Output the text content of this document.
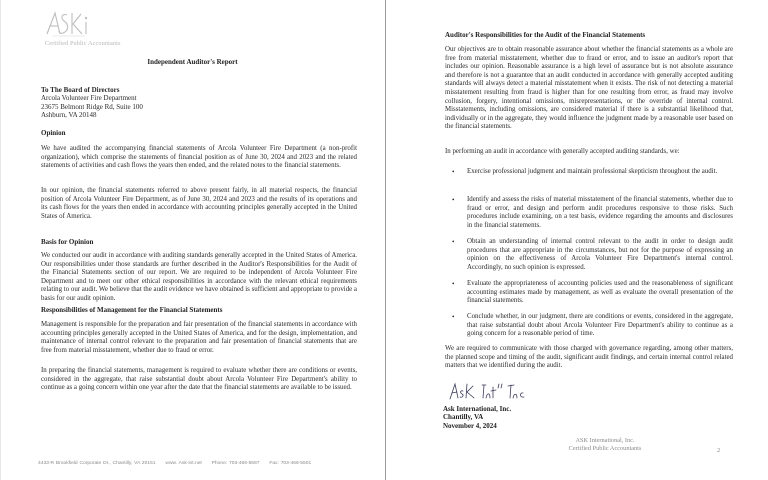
Certified Public Accountants
Independent Auditor's Report
To The Board of Directors
Arcola Volunteer Fire Department
23675 Belmont Ridge Rd, Suite 100
Ashburn, VA 20148
Opinion
We have audited the accompanying financial statements of Arcola Volunteer Fire Department (a non-profit organization), which comprise the statements of financial position as of June 30, 2024 and 2023 and the related statements of activities and cash flows the years then ended, and the related notes to the financial statements.
In our opinion, the financial statements referred to above present fairly, in all material respects, the financial position of Arcola Volunteer Fire Department, as of June 30, 2024 and 2023 and the results of its operations and its cash flows for the years then ended in accordance with accounting principles generally accepted in the United States of America.
Basis for Opinion
We conducted our audit in accordance with auditing standards generally accepted in the United States of America. Our responsibilities under those standards are further described in the Auditor's Responsibilities for the Audit of the Financial Statements section of our report. We are required to be independent of Arcola Volunteer Fire Department and to meet our other ethical responsibilities in accordance with the relevant ethical requirements relating to our audit. We believe that the audit evidence we have obtained is sufficient and appropriate to provide a basis for our audit opinion.
Responsibilities of Management for the Financial Statements
Management is responsible for the preparation and fair presentation of the financial statements in accordance with accounting principles generally accepted in the United States of America, and for the design, implementation, and maintenance of internal control relevant to the preparation and fair presentation of financial statements that are free from material misstatement, whether due to fraud or error.
In preparing the financial statements, management is required to evaluate whether there are conditions or events, considered in the aggregate, that raise substantial doubt about Arcola Volunteer Fire Department's ability to continue as a going concern within one year after the date that the financial statements are available to be issued.
4433-R Brookfield Corporate Dr., Chantilly, VA 20151 www. Ask-int.net Phone: 703-466-5597 Fax: 703-466-5501
Auditor's Responsibilities for the Audit of the Financial Statements
Our objectives are to obtain reasonable assurance about whether the financial statements as a whole are free from material misstatement, whether due to fraud or error, and to issue an auditor's report that includes our opinion. Reasonable assurance is a high level of assurance but is not absolute assurance and therefore is not a guarantee that an audit conducted in accordance with generally accepted auditing standards will always detect a material misstatement when it exists. The risk of not detecting a material misstatement resulting from fraud is higher than for one resulting from error, as fraud may involve collusion, forgery, intentional omissions, misrepresentations, or the override of internal control. Misstatements, including omissions, are considered material if there is a substantial likelihood that, individually or in the aggregate, they would influence the judgment made by a reasonable user based on the financial statements.
In performing an audit in accordance with generally accepted auditing standards, we:
• Exercise professional judgment and maintain professional skepticism throughout the audit.
• Identify and assess the risks of material misstatement of the financial statements, whether due to fraud or error, and design and perform audit procedures responsive to those risks. Such procedures include examining, on a test basis, evidence regarding the amounts and disclosures in the financial statements.
• Obtain an understanding of internal control relevant to the audit in order to design audit procedures that are appropriate in the circumstances, but not for the purpose of expressing an opinion on the effectiveness of Arcola Volunteer Fire Department's internal control. Accordingly, no such opinion is expressed.
• Evaluate the appropriateness of accounting policies used and the reasonableness of significant accounting estimates made by management, as well as evaluate the overall presentation of the financial statements.
• Conclude whether, in our judgment, there are conditions or events, considered in the aggregate, that raise substantial doubt about Arcola Volunteer Fire Department's ability to continue as a going concern for a reasonable period of time.
We are required to communicate with those charged with governance regarding, among other matters, the planned scope and timing of the audit, significant audit findings, and certain internal control related matters that we identified during the audit.
Ask International, Inc.
Chantilly, VA
November 4, 2024
ASK International, Inc.
Certified Public Accountants	2
